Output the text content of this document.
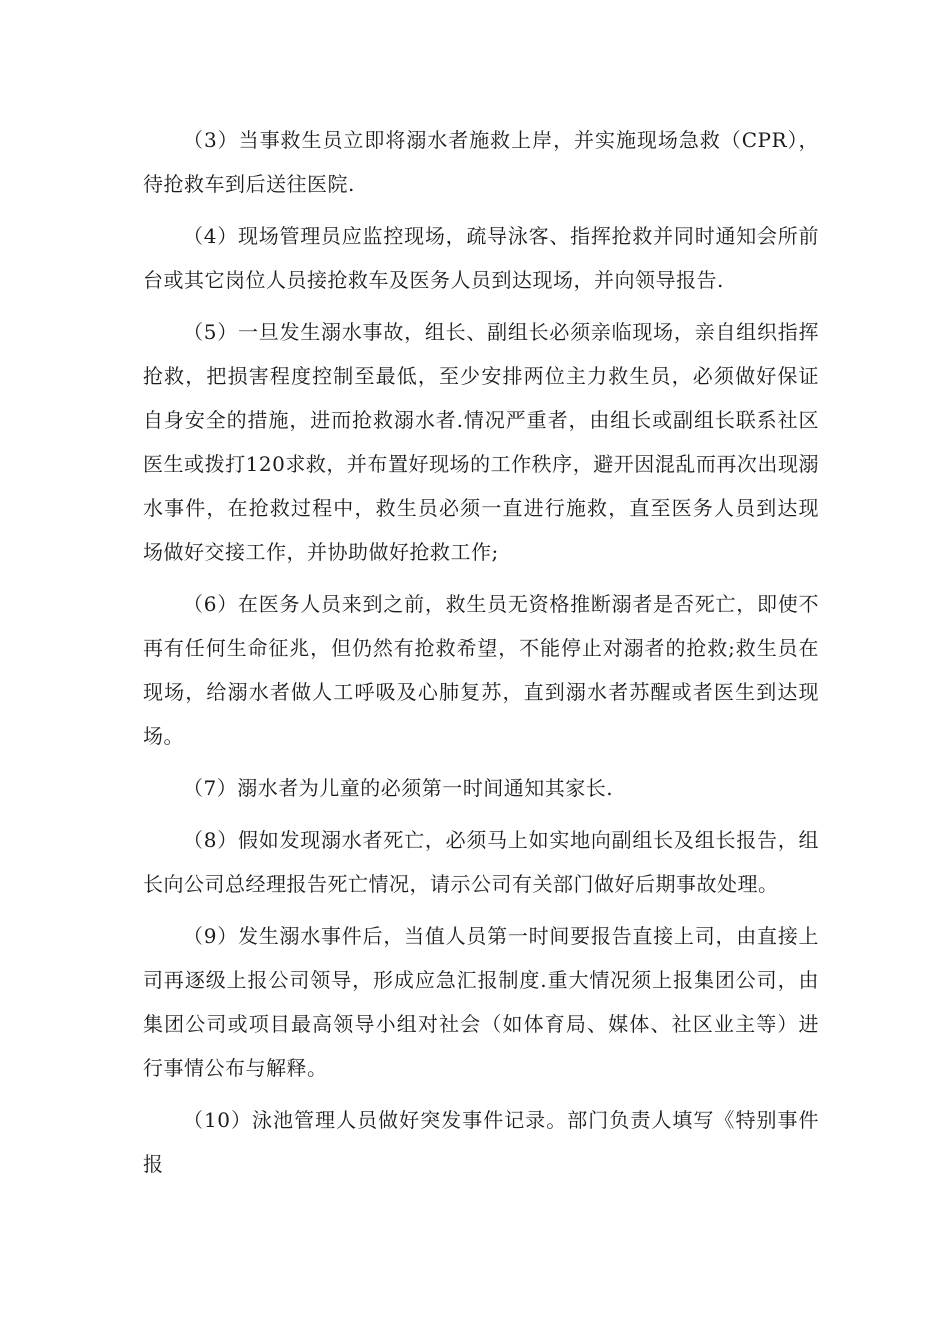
（3）当事救生员立即将溺水者施救上岸，并实施现场急救（CPR），待抢救车到后送往医院.

（4）现场管理员应监控现场，疏导泳客、指挥抢救并同时通知会所前台或其它岗位人员接抢救车及医务人员到达现场，并向领导报告.

（5）一旦发生溺水事故，组长、副组长必须亲临现场，亲自组织指挥抢救，把损害程度控制至最低，至少安排两位主力救生员，必须做好保证自身安全的措施，进而抢救溺水者.情况严重者，由组长或副组长联系社区医生或拨打120求救，并布置好现场的工作秩序，避开因混乱而再次出现溺水事件，在抢救过程中，救生员必须一直进行施救，直至医务人员到达现场做好交接工作，并协助做好抢救工作;

（6）在医务人员来到之前，救生员无资格推断溺者是否死亡，即使不再有任何生命征兆，但仍然有抢救希望，不能停止对溺者的抢救;救生员在现场，给溺水者做人工呼吸及心肺复苏，直到溺水者苏醒或者医生到达现场。

（7）溺水者为儿童的必须第一时间通知其家长.

（8）假如发现溺水者死亡，必须马上如实地向副组长及组长报告，组长向公司总经理报告死亡情况，请示公司有关部门做好后期事故处理。

（9）发生溺水事件后，当值人员第一时间要报告直接上司，由直接上司再逐级上报公司领导，形成应急汇报制度.重大情况须上报集团公司，由集团公司或项目最高领导小组对社会（如体育局、媒体、社区业主等）进行事情公布与解释。

（10）泳池管理人员做好突发事件记录。部门负责人填写《特别事件报
